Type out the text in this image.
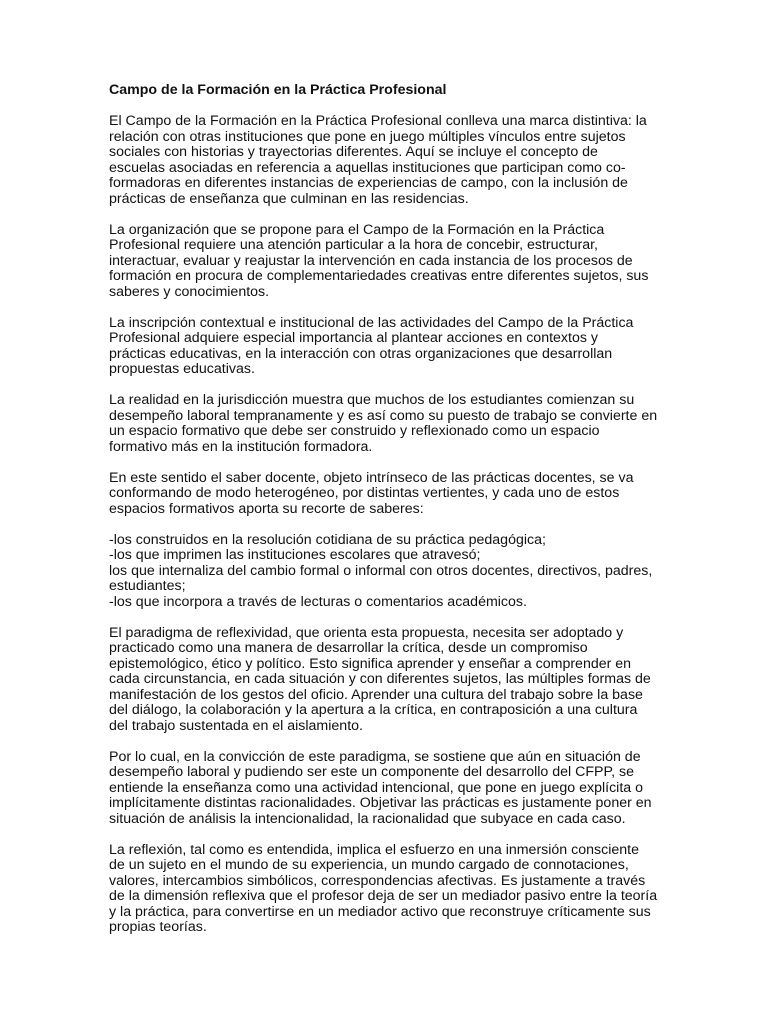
Campo de la Formación en la Práctica Profesional
El Campo de la Formación en la Práctica Profesional conlleva una marca distintiva: la
relación con otras instituciones que pone en juego múltiples vínculos entre sujetos
sociales con historias y trayectorias diferentes. Aquí se incluye el concepto de
escuelas asociadas en referencia a aquellas instituciones que participan como co-
formadoras en diferentes instancias de experiencias de campo, con la inclusión de
prácticas de enseñanza que culminan en las residencias.
La organización que se propone para el Campo de la Formación en la Práctica
Profesional requiere una atención particular a la hora de concebir, estructurar,
interactuar, evaluar y reajustar la intervención en cada instancia de los procesos de
formación en procura de complementariedades creativas entre diferentes sujetos, sus
saberes y conocimientos.
La inscripción contextual e institucional de las actividades del Campo de la Práctica
Profesional adquiere especial importancia al plantear acciones en contextos y
prácticas educativas, en la interacción con otras organizaciones que desarrollan
propuestas educativas.
La realidad en la jurisdicción muestra que muchos de los estudiantes comienzan su
desempeño laboral tempranamente y es así como su puesto de trabajo se convierte en
un espacio formativo que debe ser construido y reflexionado como un espacio
formativo más en la institución formadora.
En este sentido el saber docente, objeto intrínseco de las prácticas docentes, se va
conformando de modo heterogéneo, por distintas vertientes, y cada uno de estos
espacios formativos aporta su recorte de saberes:
-los construidos en la resolución cotidiana de su práctica pedagógica;
-los que imprimen las instituciones escolares que atravesó;
los que internaliza del cambio formal o informal con otros docentes, directivos, padres,
estudiantes;
-los que incorpora a través de lecturas o comentarios académicos.
El paradigma de reflexividad, que orienta esta propuesta, necesita ser adoptado y
practicado como una manera de desarrollar la crítica, desde un compromiso
epistemológico, ético y político. Esto significa aprender y enseñar a comprender en
cada circunstancia, en cada situación y con diferentes sujetos, las múltiples formas de
manifestación de los gestos del oficio. Aprender una cultura del trabajo sobre la base
del diálogo, la colaboración y la apertura a la crítica, en contraposición a una cultura
del trabajo sustentada en el aislamiento.
Por lo cual, en la convicción de este paradigma, se sostiene que aún en situación de
desempeño laboral y pudiendo ser este un componente del desarrollo del CFPP, se
entiende la enseñanza como una actividad intencional, que pone en juego explícita o
implícitamente distintas racionalidades. Objetivar las prácticas es justamente poner en
situación de análisis la intencionalidad, la racionalidad que subyace en cada caso.
La reflexión, tal como es entendida, implica el esfuerzo en una inmersión consciente
de un sujeto en el mundo de su experiencia, un mundo cargado de connotaciones,
valores, intercambios simbólicos, correspondencias afectivas. Es justamente a través
de la dimensión reflexiva que el profesor deja de ser un mediador pasivo entre la teoría
y la práctica, para convertirse en un mediador activo que reconstruye críticamente sus
propias teorías.
